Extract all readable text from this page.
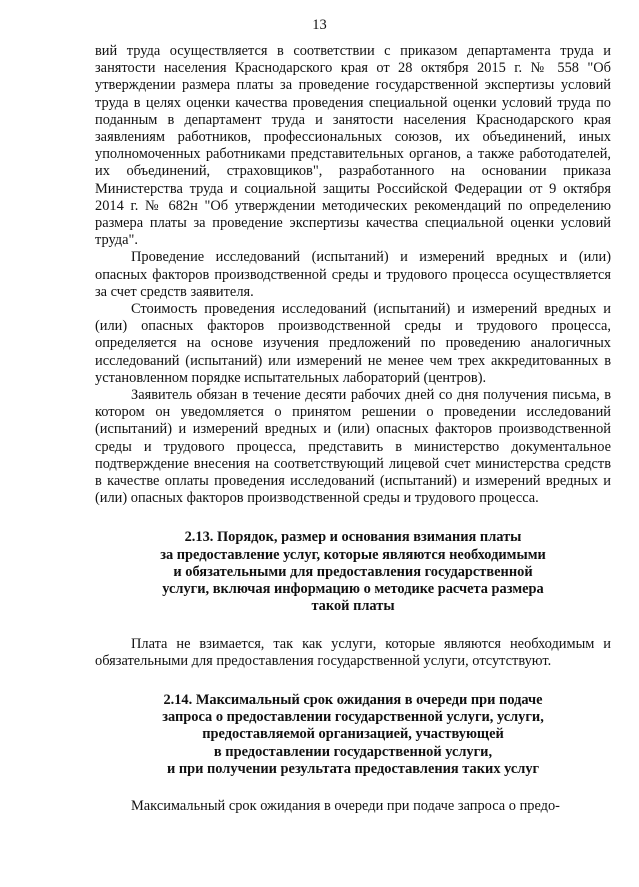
13

вий труда осуществляется в соответствии с приказом департамента труда и занятости населения Краснодарского края от 28 октября 2015 г. № 558 "Об утверждении размера платы за проведение государственной экспертизы условий труда в целях оценки качества проведения специальной оценки условий труда по поданным в департамент труда и занятости населения Краснодарского края заявлениям работников, профессиональных союзов, их объединений, иных уполномоченных работниками представительных органов, а также работодателей, их объединений, страховщиков", разработанного на основании приказа Министерства труда и социальной защиты Российской Федерации от 9 октября 2014 г. № 682н "Об утверждении методических рекомендаций по определению размера платы за проведение экспертизы качества специальной оценки условий труда".

Проведение исследований (испытаний) и измерений вредных и (или) опасных факторов производственной среды и трудового процесса осуществляется за счет средств заявителя.

Стоимость проведения исследований (испытаний) и измерений вредных и (или) опасных факторов производственной среды и трудового процесса, определяется на основе изучения предложений по проведению аналогичных исследований (испытаний) или измерений не менее чем трех аккредитованных в установленном порядке испытательных лабораторий (центров).

Заявитель обязан в течение десяти рабочих дней со дня получения письма, в котором он уведомляется о принятом решении о проведении исследований (испытаний) и измерений вредных и (или) опасных факторов производственной среды и трудового процесса, представить в министерство документальное подтверждение внесения на соответствующий лицевой счет министерства средств в качестве оплаты проведения исследований (испытаний) и измерений вредных и (или) опасных факторов производственной среды и трудового процесса.

2.13. Порядок, размер и основания взимания платы

за предоставление услуг, которые являются необходимыми

и обязательными для предоставления государственной

услуги, включая информацию о методике расчета размера

такой платы

Плата не взимается, так как услуги, которые являются необходимым и обязательными для предоставления государственной услуги, отсутствуют.

2.14. Максимальный срок ожидания в очереди при подаче

запроса о предоставлении государственной услуги, услуги,

предоставляемой организацией, участвующей

в предоставлении государственной услуги,

и при получении результата предоставления таких услуг

Максимальный срок ожидания в очереди при подаче запроса о предо-
